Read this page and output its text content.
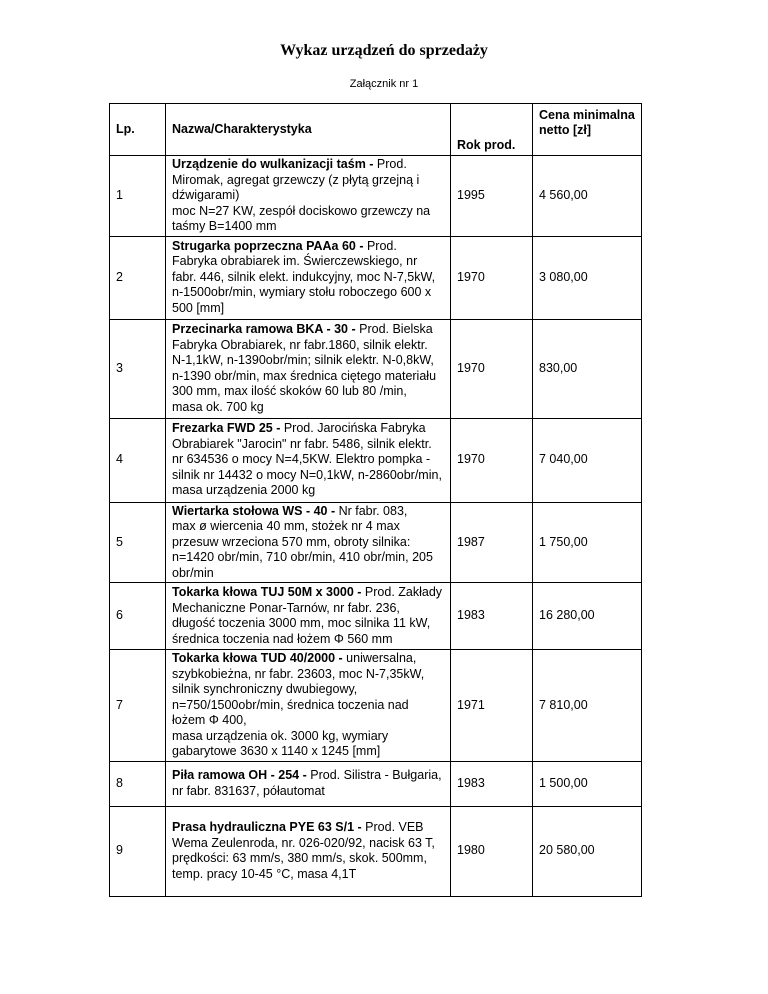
Wykaz urządzeń do sprzedaży
Załącznik nr 1
Lp.	Nazwa/Charakterystyka	Rok prod.	Cena minimalna netto [zł]
1	Urządzenie do wulkanizacji taśm - Prod. Miromak, agregat grzewczy (z płytą grzejną i dźwigarami)
moc N=27 KW, zespół dociskowo grzewczy na taśmy B=1400 mm	1995	4 560,00
2	Strugarka poprzeczna PAAa 60 - Prod. Fabryka obrabiarek im. Świerczewskiego, nr fabr. 446, silnik elekt. indukcyjny, moc N-7,5kW, n-1500obr/min, wymiary stołu roboczego 600 x 500 [mm]	1970	3 080,00
3	Przecinarka ramowa BKA - 30 - Prod. Bielska Fabryka Obrabiarek, nr fabr.1860, silnik elektr. N-1,1kW, n-1390obr/min; silnik elektr. N-0,8kW, n-1390 obr/min, max średnica ciętego materiału 300 mm, max ilość skoków 60 lub 80 /min,
masa ok. 700 kg	1970	830,00
4	Frezarka FWD 25 - Prod. Jarocińska Fabryka Obrabiarek "Jarocin" nr fabr. 5486, silnik elektr. nr 634536 o mocy N=4,5KW. Elektro pompka - silnik nr 14432 o mocy N=0,1kW, n-2860obr/min, masa urządzenia 2000 kg	1970	7 040,00
5	Wiertarka stołowa WS - 40 - Nr fabr. 083,
max ø wiercenia 40 mm, stożek nr 4 max przesuw wrzeciona 570 mm, obroty silnika: n=1420 obr/min, 710 obr/min, 410 obr/min, 205 obr/min	1987	1 750,00
6	Tokarka kłowa TUJ 50M x 3000 - Prod. Zakłady Mechaniczne Ponar-Tarnów, nr fabr. 236, długość toczenia 3000 mm, moc silnika 11 kW, średnica toczenia nad łożem Φ 560 mm	1983	16 280,00
7	Tokarka kłowa TUD 40/2000 - uniwersalna, szybkobieżna, nr fabr. 23603, moc N-7,35kW, silnik synchroniczny dwubiegowy,
n=750/1500obr/min, średnica toczenia nad łożem Φ 400,
masa urządzenia ok. 3000 kg, wymiary gabarytowe 3630 x 1140 x 1245 [mm]	1971	7 810,00
8	Piła ramowa OH - 254 - Prod. Silistra - Bułgaria, nr fabr. 831637, półautomat	1983	1 500,00
9	Prasa hydrauliczna PYE 63 S/1 - Prod. VEB Wema Zeulenroda, nr. 026-020/92, nacisk 63 T, prędkości: 63 mm/s, 380 mm/s, skok. 500mm,
temp. pracy 10-45 °C, masa 4,1T	1980	20 580,00
